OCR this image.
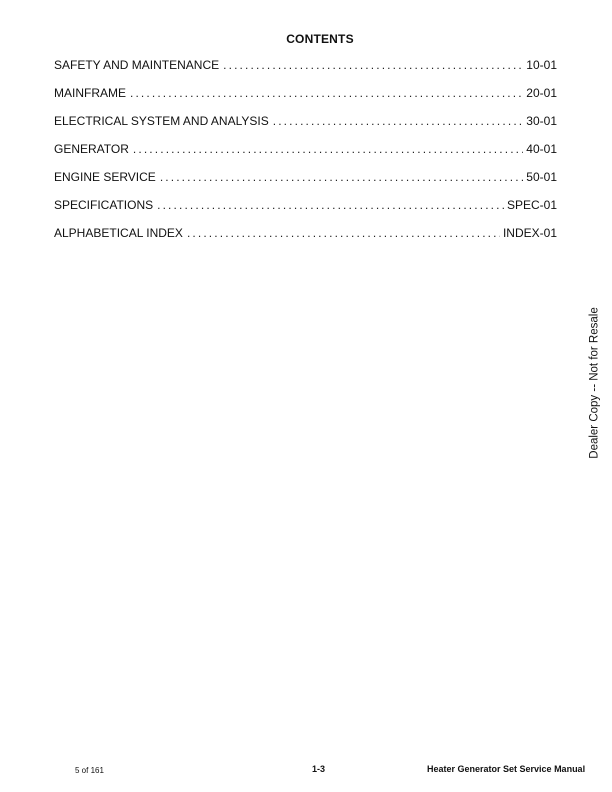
CONTENTS
SAFETY AND MAINTENANCE . . .	10-01
MAINFRAME . . .	20-01
ELECTRICAL SYSTEM AND ANALYSIS . . .	30-01
GENERATOR . . .	40-01
ENGINE SERVICE . . .	50-01
SPECIFICATIONS . . .	SPEC-01
ALPHABETICAL INDEX . . .	INDEX-01
Dealer Copy -- Not for Resale
5 of 161	1-3	Heater Generator Set Service Manual
